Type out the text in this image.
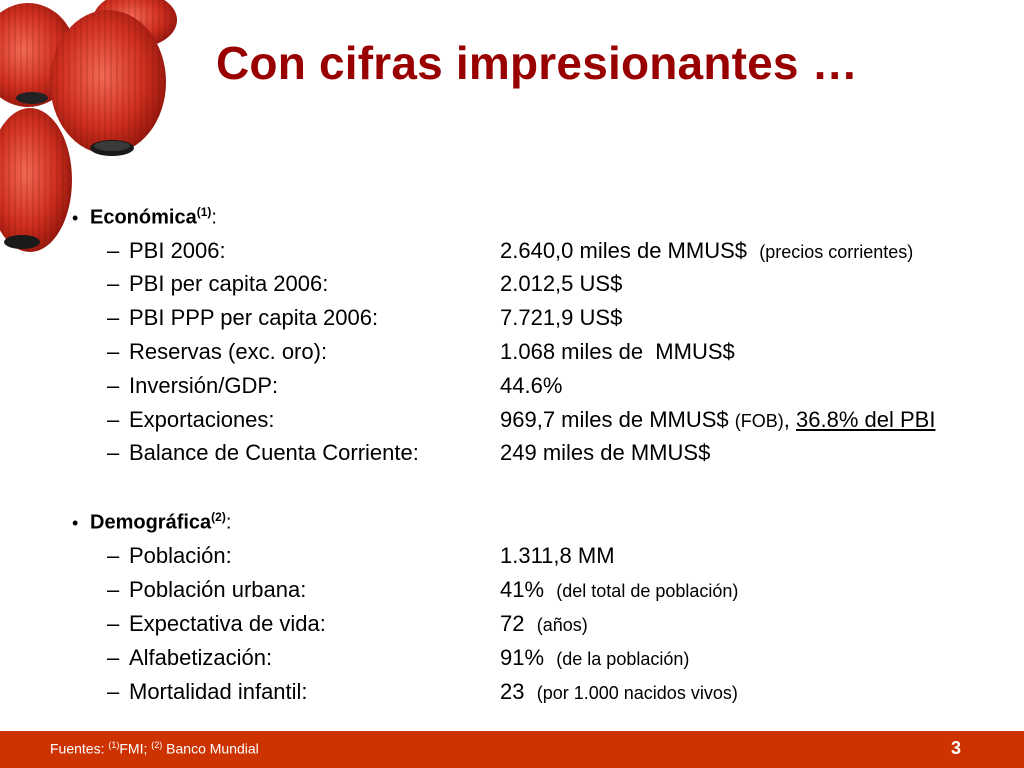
Con cifras impresionantes …
• Económica$^{(1)}$:
– PBI 2006:	2.640,0 miles de MMUS$ (precios corrientes)
– PBI per capita 2006:	2.012,5 US$
– PBI PPP per capita 2006:	7.721,9 US$
– Reservas (exc. oro):	1.068 miles de  MMUS$
– Inversión/GDP:	44.6%
– Exportaciones:	969,7 miles de MMUS$ (FOB), 36.8% del PBI
– Balance de Cuenta Corriente:	249 miles de MMUS$
• Demográfica$^{(2)}$:
– Población:	1.311,8 MM
– Población urbana:	41% (del total de población)
– Expectativa de vida:	72 (años)
– Alfabetización:	91% (de la población)
– Mortalidad infantil:	23 (por 1.000 nacidos vivos)
Fuentes: $^{(1)}$FMI; $^{(2)}$ Banco Mundial	3
